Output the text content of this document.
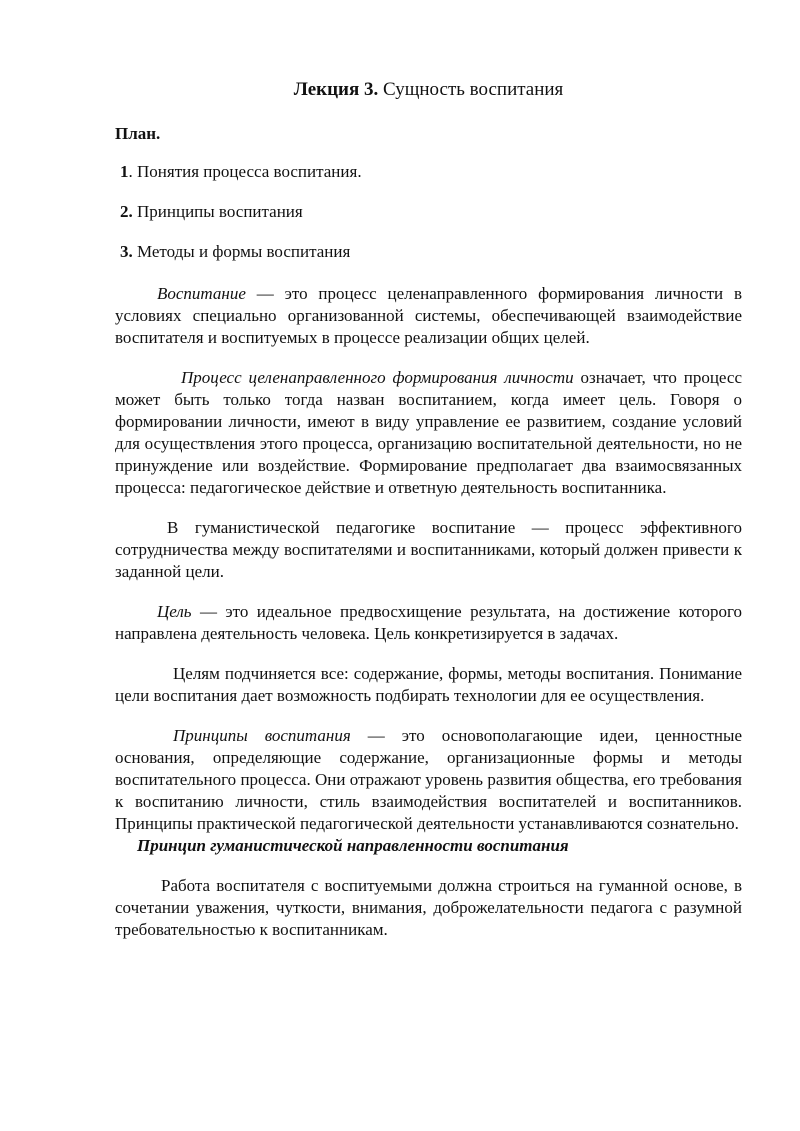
Лекция 3. Сущность воспитания
План.
1. Понятия процесса воспитания.
2. Принципы воспитания
3. Методы и формы воспитания

Воспитание — это процесс целенаправленного формирования личности в условиях специально организованной системы, обеспечивающей взаимодействие воспитателя и воспитуемых в процессе реализации общих целей.

Процесс целенаправленного формирования личности означает, что процесс может быть только тогда назван воспитанием, когда имеет цель. Говоря о формировании личности, имеют в виду управление ее развитием, создание условий для осуществления этого процесса, организацию воспитательной деятельности, но не принуждение или воздействие. Формирование предполагает два взаимосвязанных процесса: педагогическое действие и ответную деятельность воспитанника.

В гуманистической педагогике воспитание — процесс эффективного сотрудничества между воспитателями и воспитанниками, который должен привести к заданной цели.

Цель — это идеальное предвосхищение результата, на достижение которого направлена деятельность человека. Цель конкретизируется в задачах.

Целям подчиняется все: содержание, формы, методы воспитания. Понимание цели воспитания дает возможность подбирать технологии для ее осуществления.

Принципы воспитания — это основополагающие идеи, ценностные основания, определяющие содержание, организационные формы и методы воспитательного процесса. Они отражают уровень развития общества, его требования к воспитанию личности, стиль взаимодействия воспитателей и воспитанников. Принципы практической педагогической деятельности устанавливаются сознательно.

Принцип гуманистической направленности воспитания

Работа воспитателя с воспитуемыми должна строиться на гуманной основе, в сочетании уважения, чуткости, внимания, доброжелательности педагога с разумной требовательностью к воспитанникам.
